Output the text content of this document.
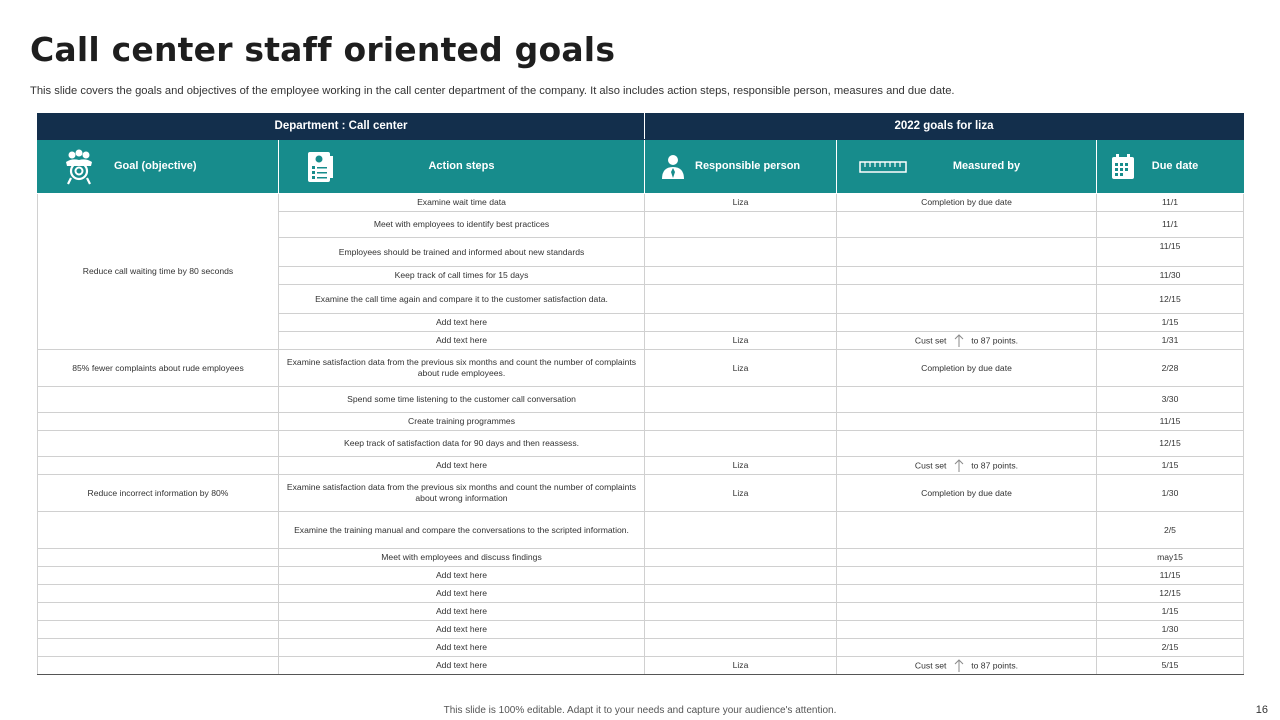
Call center staff oriented goals
This slide covers the goals and objectives of the employee working in the call center department of the company. It also includes action steps, responsible person, measures and due date.
Department : Call center		2022 goals for liza		

Goal (objective)	Action steps	Responsible person	Measured by	Due date

Reduce call waiting time by 80 seconds	Examine wait time data	Liza	Completion by due date	11/1
	Meet with employees to identify best practices			11/1
	Employees should be trained and informed about new standards			11/15
	Keep track of call times for 15 days			11/30
	Examine the call time again and compare it to the customer satisfaction data.			12/15
	Add text here			1/15
	Add text here	Liza	Cust set to 87 points.	1/31
85% fewer complaints about rude employees	Examine satisfaction data from the previous six months and count the number of complaints about rude employees.	Liza	Completion by due date	2/28
	Spend some time listening to the customer call conversation			3/30
	Create training programmes			11/15
	Keep track of satisfaction data for 90 days and then reassess.			12/15
	Add text here	Liza	Cust set to 87 points.	1/15
Reduce incorrect information by 80%	Examine satisfaction data from the previous six months and count the number of complaints about wrong information	Liza	Completion by due date	1/30
	Examine the training manual and compare the conversations to the scripted information.			2/5
	Meet with employees and discuss findings			may15
	Add text here			11/15
	Add text here			12/15
	Add text here			1/15
	Add text here			1/30
	Add text here			2/15
	Add text here	Liza	Cust set to 87 points.	5/15
This slide is 100% editable. Adapt it to your needs and capture your audience's attention.	16
